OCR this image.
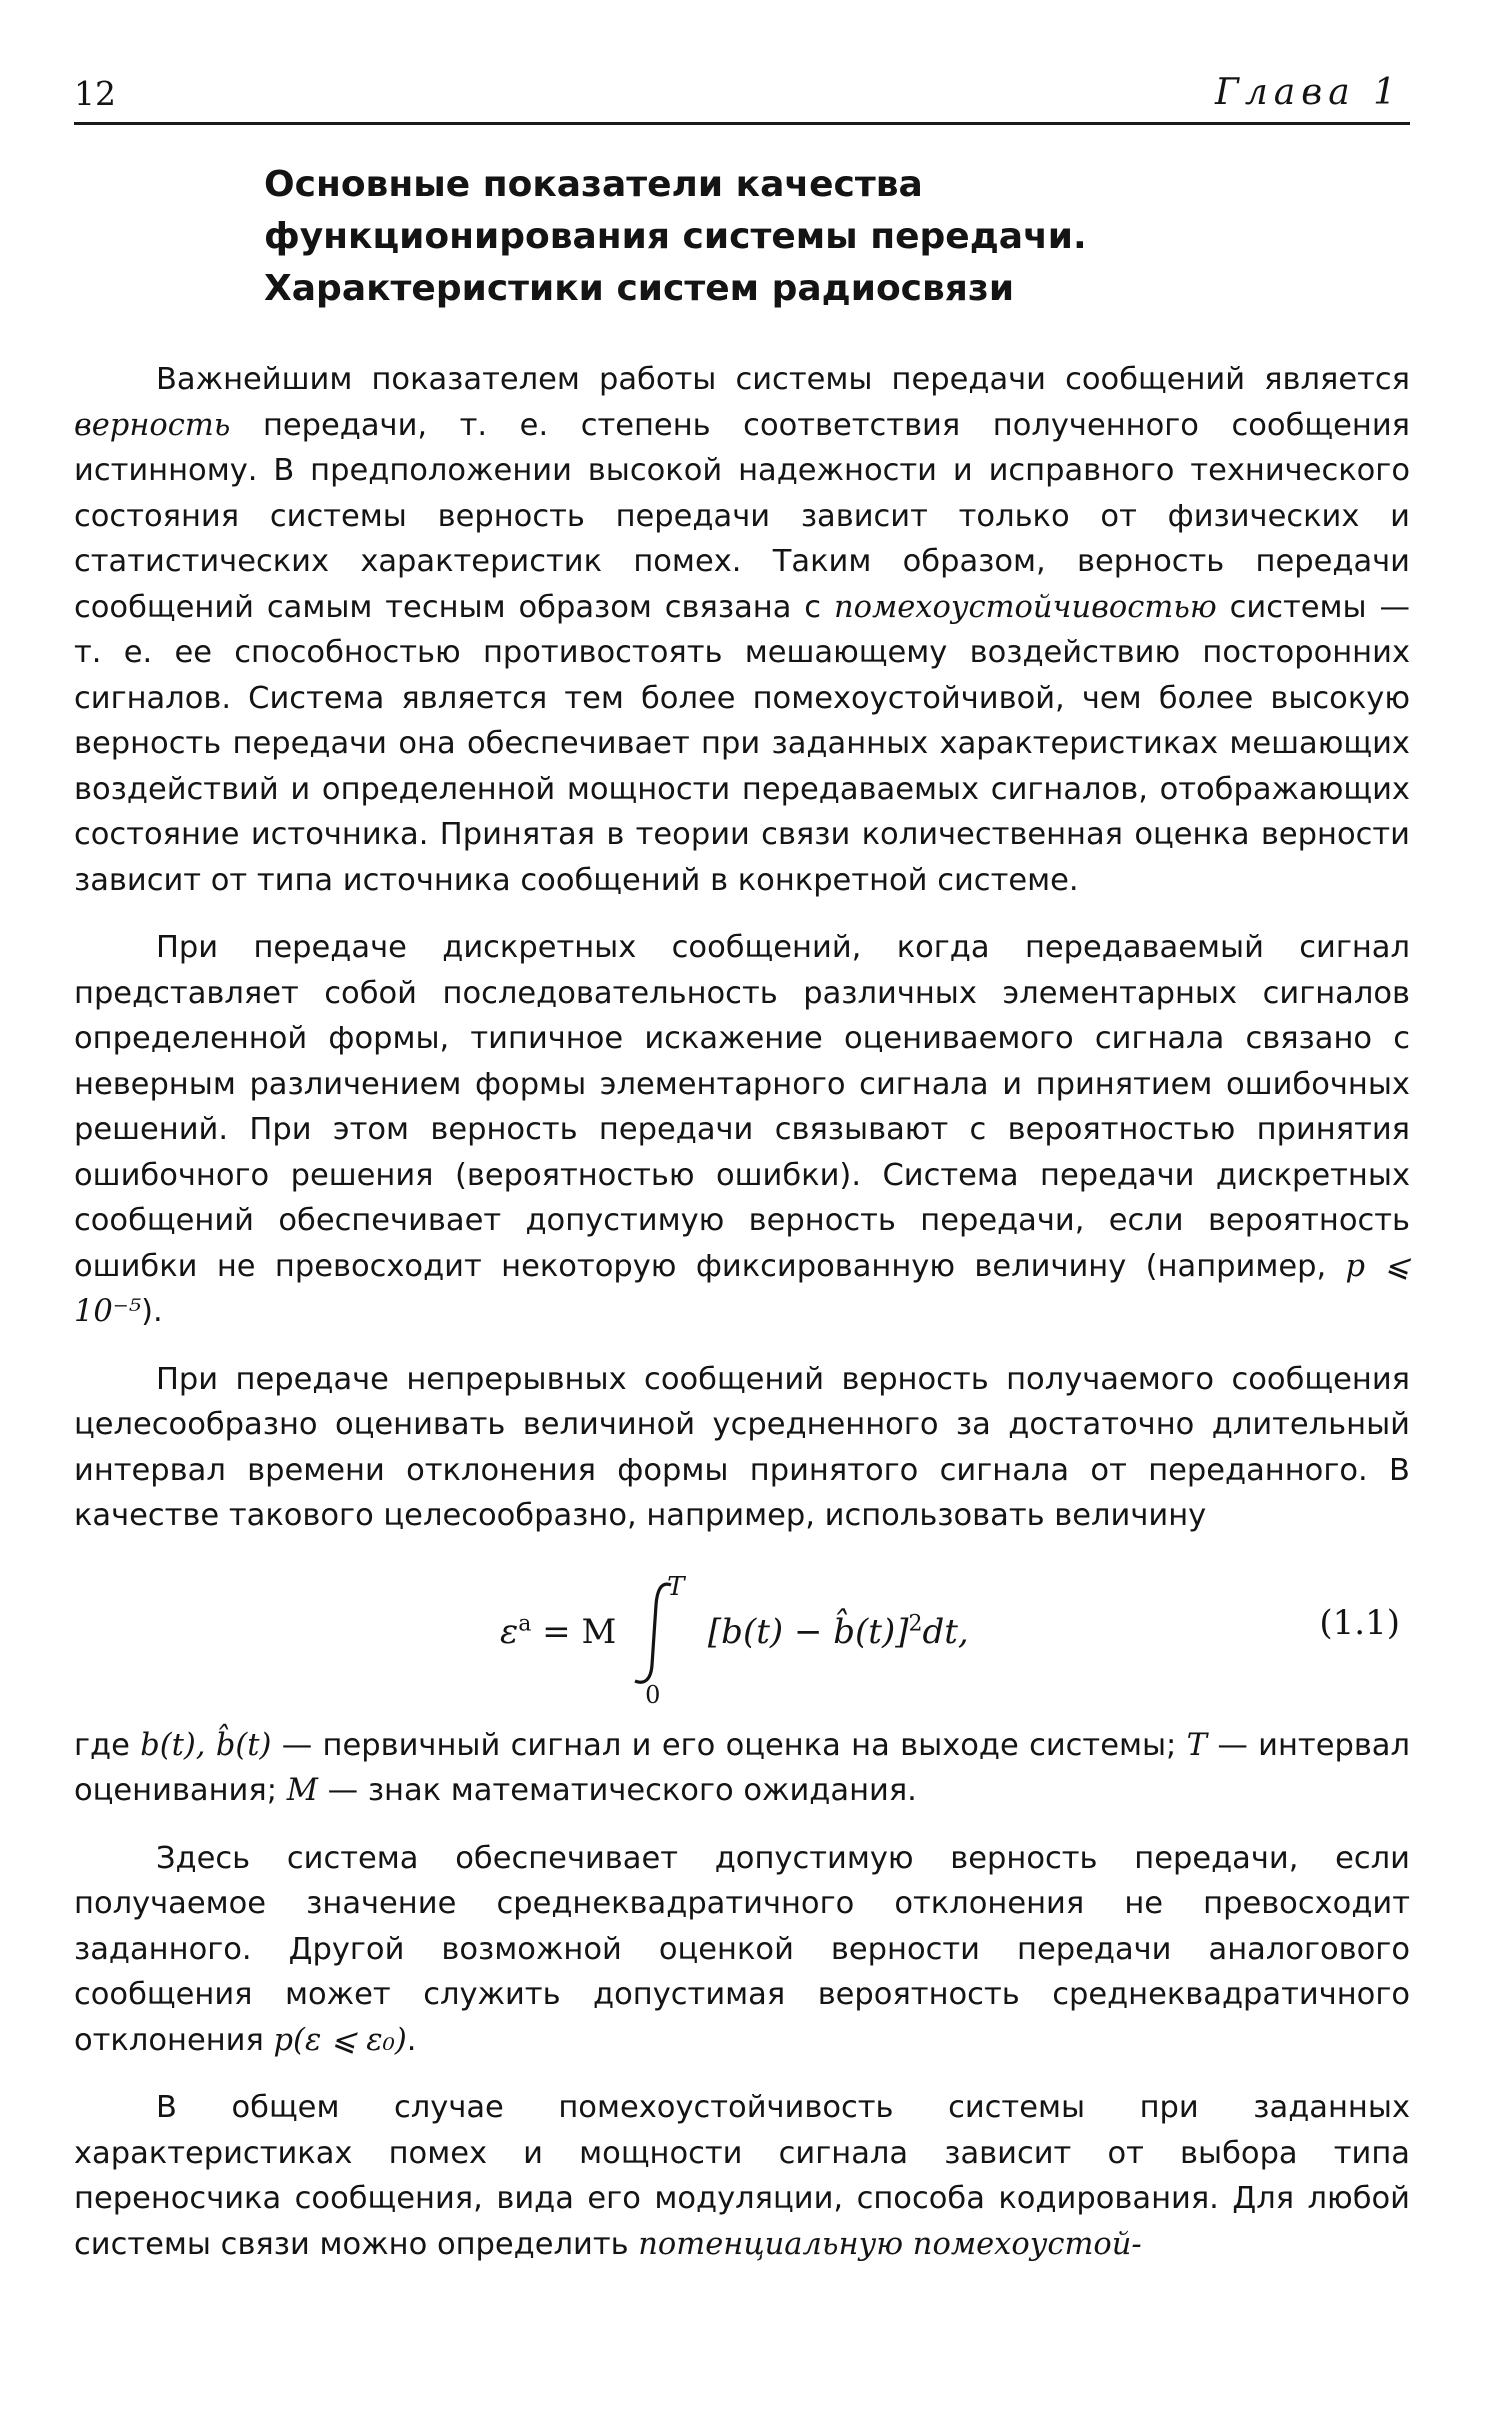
12	Глава 1
Основные показатели качества
функционирования системы передачи.
Характеристики систем радиосвязи

Важнейшим показателем работы системы передачи сообщений является верность передачи, т. е. степень соответствия полученного сообщения истинному. В предположении высокой надежности и исправного технического состояния системы верность передачи зависит только от физических и статистических характеристик помех. Таким образом, верность передачи сообщений самым тесным образом связана с помехоустойчивостью системы — т. е. ее способностью противостоять мешающему воздействию посторонних сигналов. Система является тем более помехоустойчивой, чем более высокую верность передачи она обеспечивает при заданных характеристиках мешающих воздействий и определенной мощности передаваемых сигналов, отображающих состояние источника. Принятая в теории связи количественная оценка верности зависит от типа источника сообщений в конкретной системе.

При передаче дискретных сообщений, когда передаваемый сигнал представляет собой последовательность различных элементарных сигналов определенной формы, типичное искажение оцениваемого сигнала связано с неверным различением формы элементарного сигнала и принятием ошибочных решений. При этом верность передачи связывают с вероятностью принятия ошибочного решения (вероятностью ошибки). Система передачи дискретных сообщений обеспечивает допустимую верность передачи, если вероятность ошибки не превосходит некоторую фиксированную величину (например, p ⩽ 10⁻⁵).

При передаче непрерывных сообщений верность получаемого сообщения целесообразно оценивать величиной усредненного за достаточно длительный интервал времени отклонения формы принятого сигнала от переданного. В качестве такового целесообразно, например, использовать величину

$\varepsilon^а = M$
T
0
[b(t) − b̂(t)]$^2$dt,	(1.1)

где b(t), b̂(t) — первичный сигнал и его оценка на выходе системы; T — интервал оценивания; M — знак математического ожидания.

Здесь система обеспечивает допустимую верность передачи, если получаемое значение среднеквадратичного отклонения не превосходит заданного. Другой возможной оценкой верности передачи аналогового сообщения может служить допустимая вероятность среднеквадратичного отклонения p(ε ⩽ ε₀).

В общем случае помехоустойчивость системы при заданных характеристиках помех и мощности сигнала зависит от выбора типа переносчика сообщения, вида его модуляции, способа кодирования. Для любой системы связи можно определить потенциальную помехоустой-
